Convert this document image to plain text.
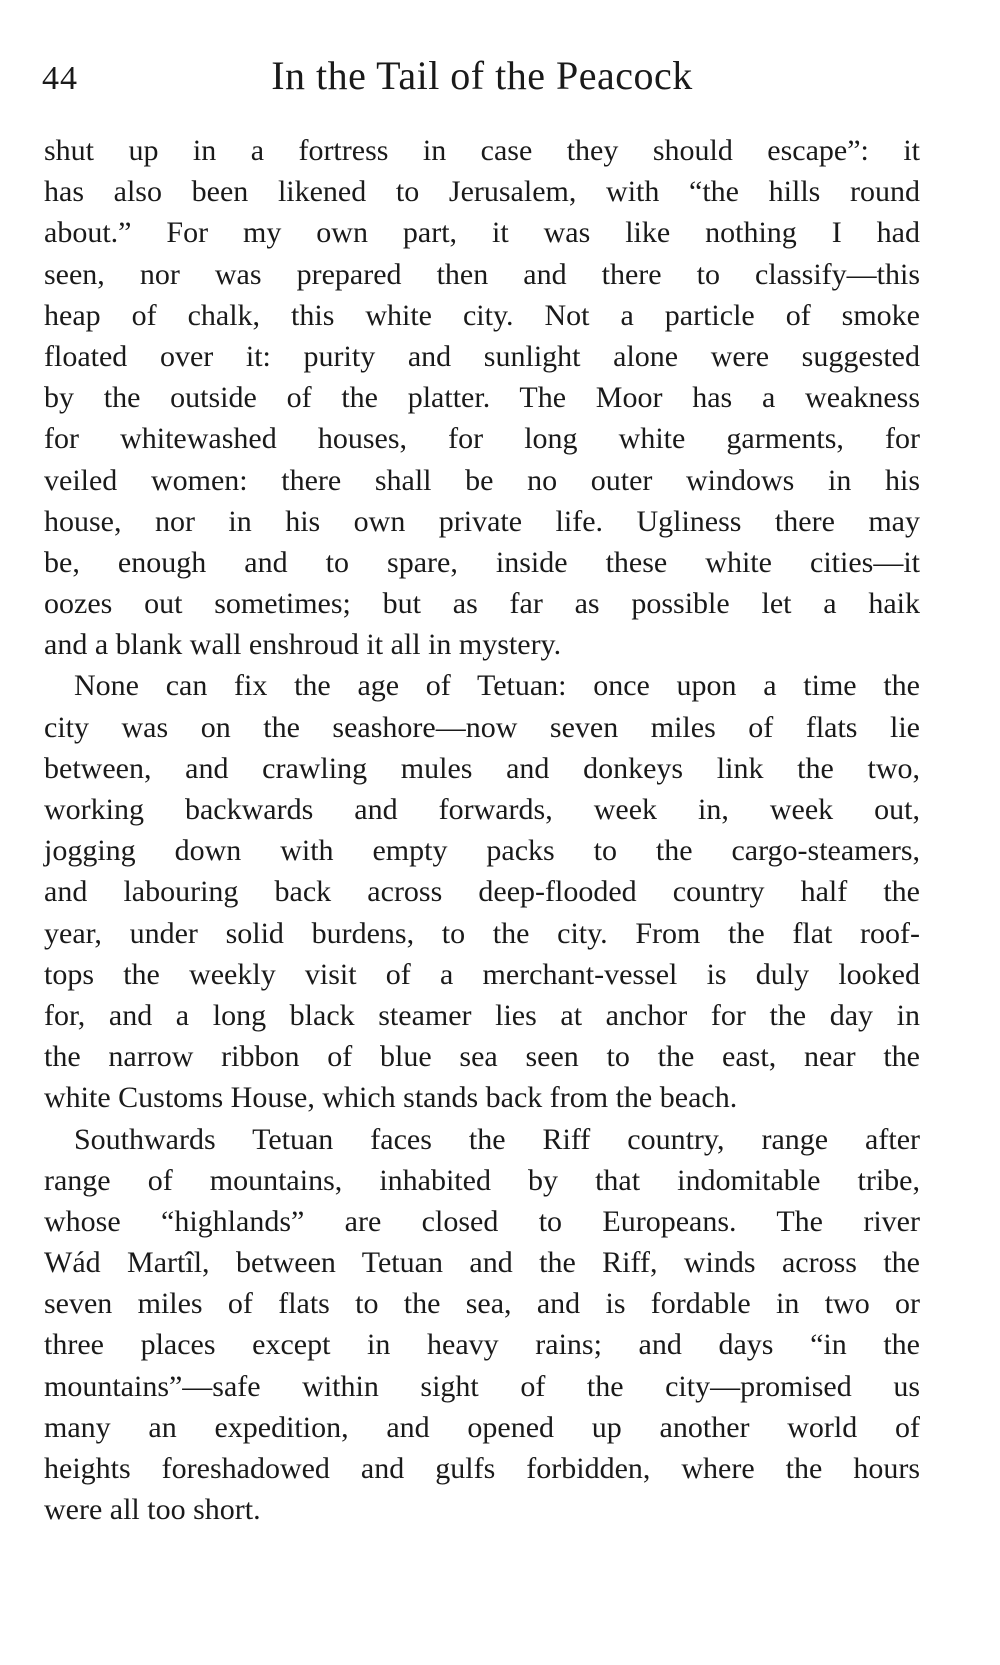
44	In the Tail of the Peacock
shut up in a fortress in case they should escape”: it
has also been likened to Jerusalem, with “the hills round
about.” For my own part, it was like nothing I had
seen, nor was prepared then and there to classify—this
heap of chalk, this white city. Not a particle of smoke
floated over it: purity and sunlight alone were suggested
by the outside of the platter. The Moor has a weakness
for whitewashed houses, for long white garments, for
veiled women: there shall be no outer windows in his
house, nor in his own private life. Ugliness there may
be, enough and to spare, inside these white cities—it
oozes out sometimes; but as far as possible let a haik
and a blank wall enshroud it all in mystery.
None can fix the age of Tetuan: once upon a time the
city was on the seashore—now seven miles of flats lie
between, and crawling mules and donkeys link the two,
working backwards and forwards, week in, week out,
jogging down with empty packs to the cargo-steamers,
and labouring back across deep-flooded country half the
year, under solid burdens, to the city. From the flat roof-
tops the weekly visit of a merchant-vessel is duly looked
for, and a long black steamer lies at anchor for the day in
the narrow ribbon of blue sea seen to the east, near the
white Customs House, which stands back from the beach.
Southwards Tetuan faces the Riff country, range after
range of mountains, inhabited by that indomitable tribe,
whose “highlands” are closed to Europeans. The river
Wád Martîl, between Tetuan and the Riff, winds across the
seven miles of flats to the sea, and is fordable in two or
three places except in heavy rains; and days “in the
mountains”—safe within sight of the city—promised us
many an expedition, and opened up another world of
heights foreshadowed and gulfs forbidden, where the hours
were all too short.
